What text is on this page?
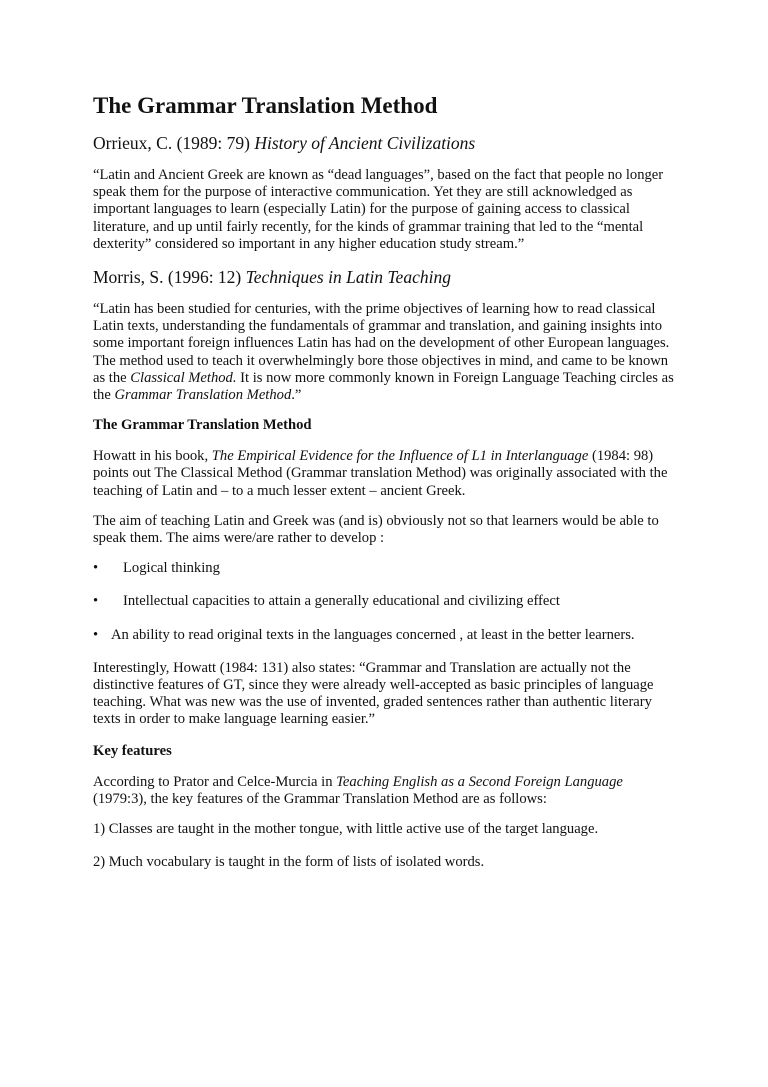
The Grammar Translation Method

Orrieux, C. (1989: 79) History of Ancient Civilizations

“Latin and Ancient Greek are known as “dead languages”, based on the fact that people no longer speak them for the purpose of interactive communication. Yet they are still acknowledged as important languages to learn (especially Latin) for the purpose of gaining access to classical literature, and up until fairly recently, for the kinds of grammar training that led to the “mental dexterity” considered so important in any higher education study stream.”

Morris, S. (1996: 12) Techniques in Latin Teaching

“Latin has been studied for centuries, with the prime objectives of learning how to read classical Latin texts, understanding the fundamentals of grammar and translation, and gaining insights into some important foreign influences Latin has had on the development of other European languages. The method used to teach it overwhelmingly bore those objectives in mind, and came to be known as the Classical Method. It is now more commonly known in Foreign Language Teaching circles as the Grammar Translation Method.”

The Grammar Translation Method

Howatt in his book, The Empirical Evidence for the Influence of L1 in Interlanguage (1984: 98) points out The Classical Method (Grammar translation Method) was originally associated with the teaching of Latin and – to a much lesser extent – ancient Greek.

The aim of teaching Latin and Greek was (and is) obviously not so that learners would be able to speak them. The aims were/are rather to develop :

•	Logical thinking
•	Intellectual capacities to attain a generally educational and civilizing effect
• An ability to read original texts in the languages concerned , at least in the better learners.

Interestingly, Howatt (1984: 131) also states: “Grammar and Translation are actually not the distinctive features of GT, since they were already well-accepted as basic principles of language teaching. What was new was the use of invented, graded sentences rather than authentic literary texts in order to make language learning easier.”

Key features

According to Prator and Celce-Murcia in Teaching English as a Second Foreign Language (1979:3), the key features of the Grammar Translation Method are as follows:

1) Classes are taught in the mother tongue, with little active use of the target language.

2) Much vocabulary is taught in the form of lists of isolated words.
